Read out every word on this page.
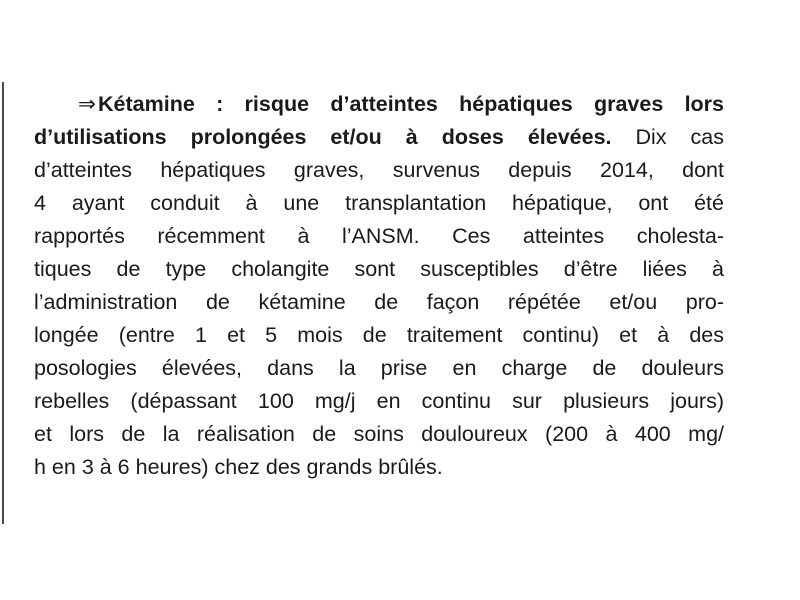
⇒Kétamine : risque d’atteintes hépatiques graves lors
d’utilisations prolongées et/ou à doses élevées. Dix cas
d’atteintes hépatiques graves, survenus depuis 2014, dont
4 ayant conduit à une transplantation hépatique, ont été
rapportés récemment à l’ANSM. Ces atteintes cholesta-
tiques de type cholangite sont susceptibles d’être liées à
l’administration de kétamine de façon répétée et/ou pro-
longée (entre 1 et 5 mois de traitement continu) et à des
posologies élevées, dans la prise en charge de douleurs
rebelles (dépassant 100 mg/j en continu sur plusieurs jours)
et lors de la réalisation de soins douloureux (200 à 400 mg/
h en 3 à 6 heures) chez des grands brûlés.
